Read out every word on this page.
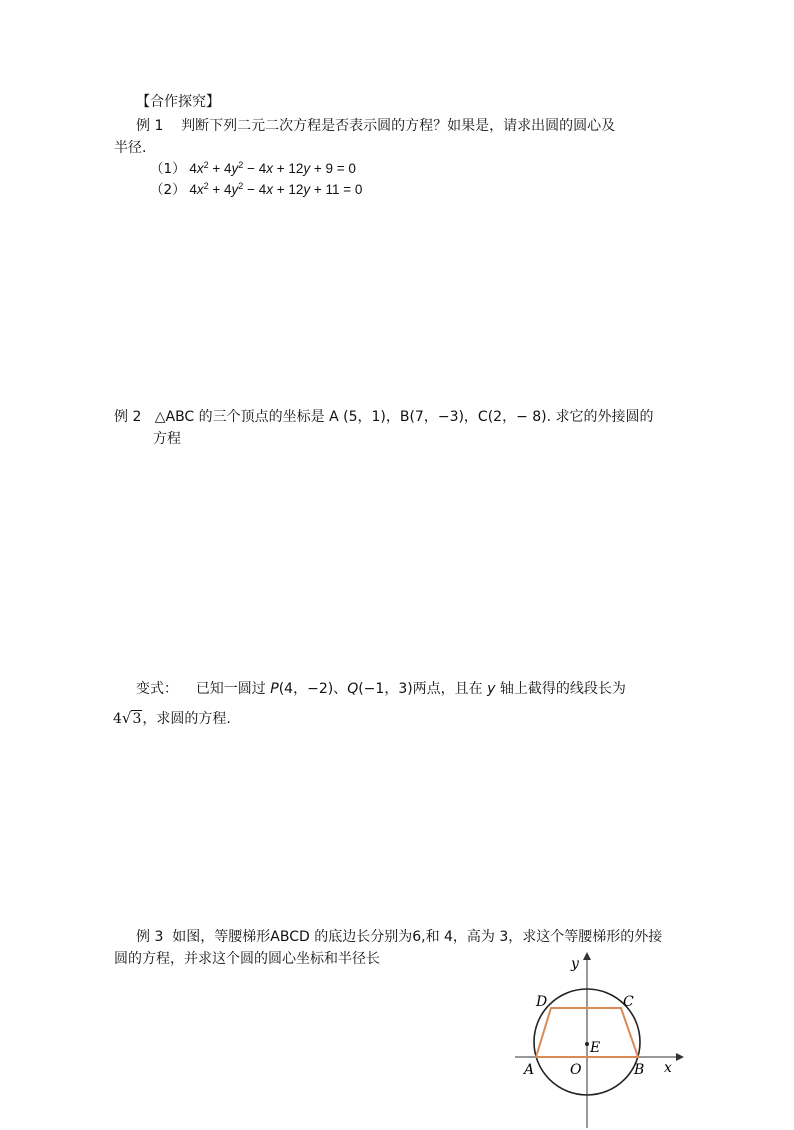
【合作探究】
例 1 判断下列二元二次方程是否表示圆的方程？如果是，请求出圆的圆心及
半径.
（1） $4x^2 + 4y^2 - 4x + 12y + 9 = 0$
（2） $4x^2 + 4y^2 - 4x + 12y + 11 = 0$
例 2 △ABC 的三个顶点的坐标是 A (5，1)，B(7，−3)，C(2，− 8). 求它的外接圆的
方程
变式： 已知一圆过 P(4，−2)、Q(−1，3)两点，且在 y 轴上截得的线段长为
4√3，求圆的方程.
例 3 如图，等腰梯形ABCD 的底边长分别为6,和 4，高为 3，求这个等腰梯形的外接
圆的方程，并求这个圆的圆心坐标和半径长	y
x
D	C
E
A	O	B
